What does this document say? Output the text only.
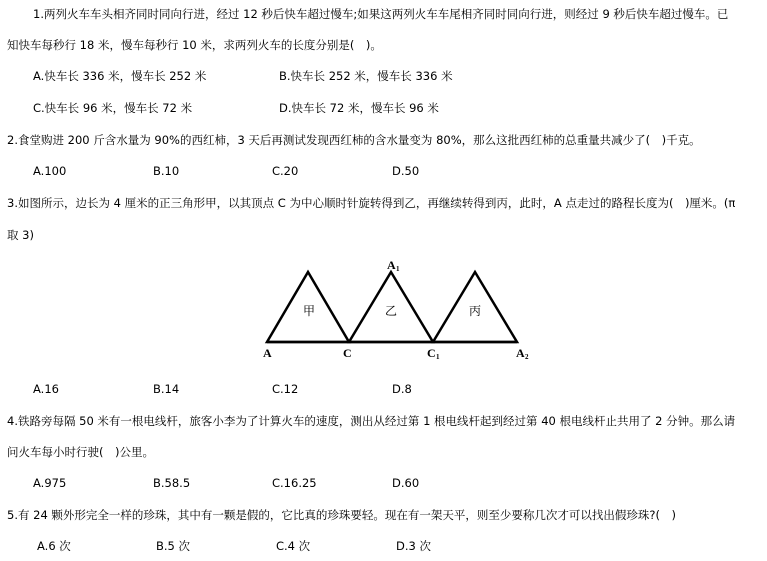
1.两列火车车头相齐同时同向行进，经过 12 秒后快车超过慢车;如果这两列火车车尾相齐同时同向行进，则经过 9 秒后快车超过慢车。已
知快车每秒行 18 米，慢车每秒行 10 米，求两列火车的长度分别是(　)。
A.快车长 336 米，慢车长 252 米	B.快车长 252 米，慢车长 336 米
C.快车长 96 米，慢车长 72 米	D.快车长 72 米，慢车长 96 米
2.食堂购进 200 斤含水量为 90%的西红柿，3 天后再测试发现西红柿的含水量变为 80%，那么这批西红柿的总重量共减少了(　)千克。
A.100	B.10	C.20	D.50
3.如图所示，边长为 4 厘米的正三角形甲，以其顶点 C 为中心顺时针旋转得到乙，再继续转得到丙，此时，A 点走过的路程长度为(　)厘米。(π
取 3)
甲	乙	丙
A	C	C 1
A 1
A 2
A.16	B.14	C.12	D.8
4.铁路旁每隔 50 米有一根电线杆，旅客小李为了计算火车的速度，测出从经过第 1 根电线杆起到经过第 40 根电线杆止共用了 2 分钟。那么请
问火车每小时行驶(　)公里。
A.975	B.58.5	C.16.25	D.60
5.有 24 颗外形完全一样的珍珠，其中有一颗是假的，它比真的珍珠要轻。现在有一架天平，则至少要称几次才可以找出假珍珠?(　)
A.6 次	B.5 次	C.4 次	D.3 次
